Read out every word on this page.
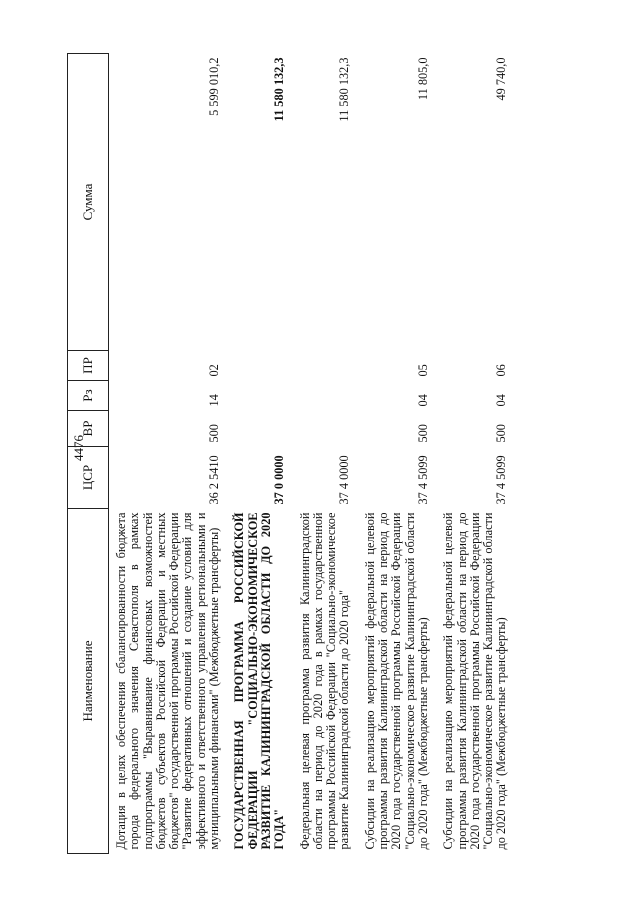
4476
Наименование	ЦСР	ВР	Рз	ПР	Сумма
Дотация в целях обеспечения сбалансированности бюджета города федерального значения Севастополя в рамках подпрограммы "Выравнивание финансовых возможностей бюджетов субъектов Российской Федерации и местных бюджетов" государственной программы Российской Федерации "Развитие федеративных отношений и создание условий для эффективного и ответственного управления региональными и муниципальными финансами" (Межбюджетные трансферты)	36 2 5410	500	14	02	5 599 010,2
ГОСУДАРСТВЕННАЯ ПРОГРАММА РОССИЙСКОЙ ФЕДЕРАЦИИ "СОЦИАЛЬНО-ЭКОНОМИЧЕСКОЕ РАЗВИТИЕ КАЛИНИНГРАДСКОЙ ОБЛАСТИ ДО 2020 ГОДА"	37 0 0000				11 580 132,3
Федеральная целевая программа развития Калининградской области на период до 2020 года в рамках государственной программы Российской Федерации "Социально-экономическое развитие Калининградской области до 2020 года"	37 4 0000				11 580 132,3
Субсидии на реализацию мероприятий федеральной целевой программы развития Калининградской области на период до 2020 года государственной программы Российской Федерации "Социально-экономическое развитие Калининградской области до 2020 года" (Межбюджетные трансферты)	37 4 5099	500	04	05	11 805,0
Субсидии на реализацию мероприятий федеральной целевой программы развития Калининградской области на период до 2020 года государственной программы Российской Федерации "Социально-экономическое развитие Калининградской области до 2020 года" (Межбюджетные трансферты)	37 4 5099	500	04	06	49 740,0
